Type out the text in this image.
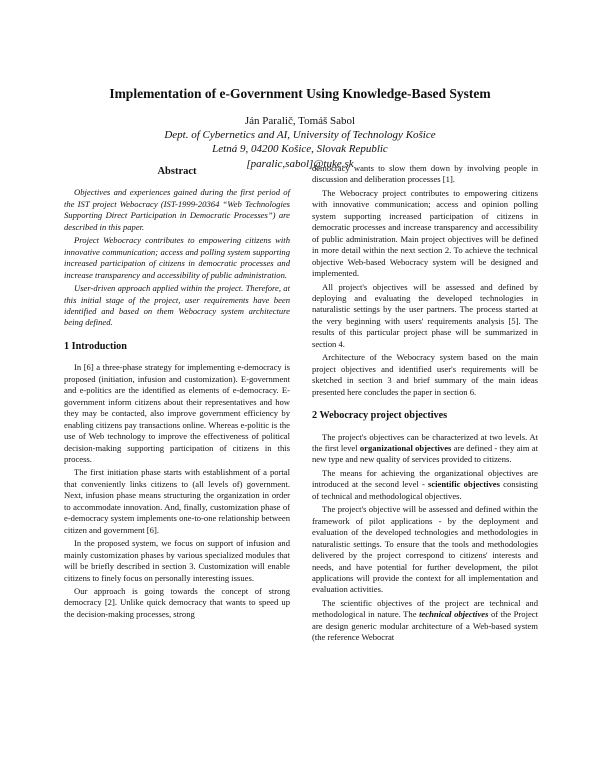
Implementation of e-Government Using Knowledge-Based System
Ján Paralič, Tomáš Sabol
Dept. of Cybernetics and AI, University of Technology Košice
Letná 9, 04200 Košice, Slovak Republic
[paralic,sabol]@tuke.sk
Abstract

Objectives and experiences gained during the first period of the IST project Webocracy (IST-1999-20364 “Web Technologies Supporting Direct Participation in Democratic Processes”) are described in this paper.

Project Webocracy contributes to empowering citizens with innovative communication; access and polling system supporting increased participation of citizens in democratic processes and increase transparency and accessibility of public administration.

User-driven approach applied within the project. Therefore, at this initial stage of the project, user requirements have been identified and based on them Webocracy system architecture being defined.

1 Introduction

In [6] a three-phase strategy for implementing e-democracy is proposed (initiation, infusion and customization). E-government and e-politics are the identified as elements of e-democracy. E-government inform citizens about their representatives and how they may be contacted, also improve government efficiency by enabling citizens pay transactions online. Whereas e-politic is the use of Web technology to improve the effectiveness of political decision-making supporting participation of citizens in this process.

The first initiation phase starts with establishment of a portal that conveniently links citizens to (all levels of) government. Next, infusion phase means structuring the organization in order to accommodate innovation. And, finally, customization phase of e-democracy system implements one-to-one relationship between citizen and government [6].

In the proposed system, we focus on support of infusion and mainly customization phases by various specialized modules that will be briefly described in section 3. Customization will enable citizens to finely focus on personally interesting issues.

Our approach is going towards the concept of strong democracy [2]. Unlike quick democracy that wants to speed up the decision-making processes, strong

democracy wants to slow them down by involving people in discussion and deliberation processes [1].

The Webocracy project contributes to empowering citizens with innovative communication; access and opinion polling system supporting increased participation of citizens in democratic processes and increase transparency and accessibility of public administration. Main project objectives will be defined in more detail within the next section 2. To achieve the technical objective Web-based Webocracy system will be designed and implemented.

All project's objectives will be assessed and defined by deploying and evaluating the developed technologies in naturalistic settings by the user partners. The process started at the very beginning with users' requirements analysis [5]. The results of this particular project phase will be summarized in section 4.

Architecture of the Webocracy system based on the main project objectives and identified user's requirements will be sketched in section 3 and brief summary of the main ideas presented here concludes the paper in section 6.

2 Webocracy project objectives

The project's objectives can be characterized at two levels. At the first level organizational objectives are defined - they aim at new type and new quality of services provided to citizens.

The means for achieving the organizational objectives are introduced at the second level - scientific objectives consisting of technical and methodological objectives.

The project's objective will be assessed and defined within the framework of pilot applications - by the deployment and evaluation of the developed technologies and methodologies in naturalistic settings. To ensure that the tools and methodologies delivered by the project correspond to citizens' interests and needs, and have potential for further development, the pilot applications will provide the context for all implementation and evaluation activities.

The scientific objectives of the project are technical and methodological in nature. The technical objectives of the Project are design generic modular architecture of a Web-based system (the reference Webocrat
